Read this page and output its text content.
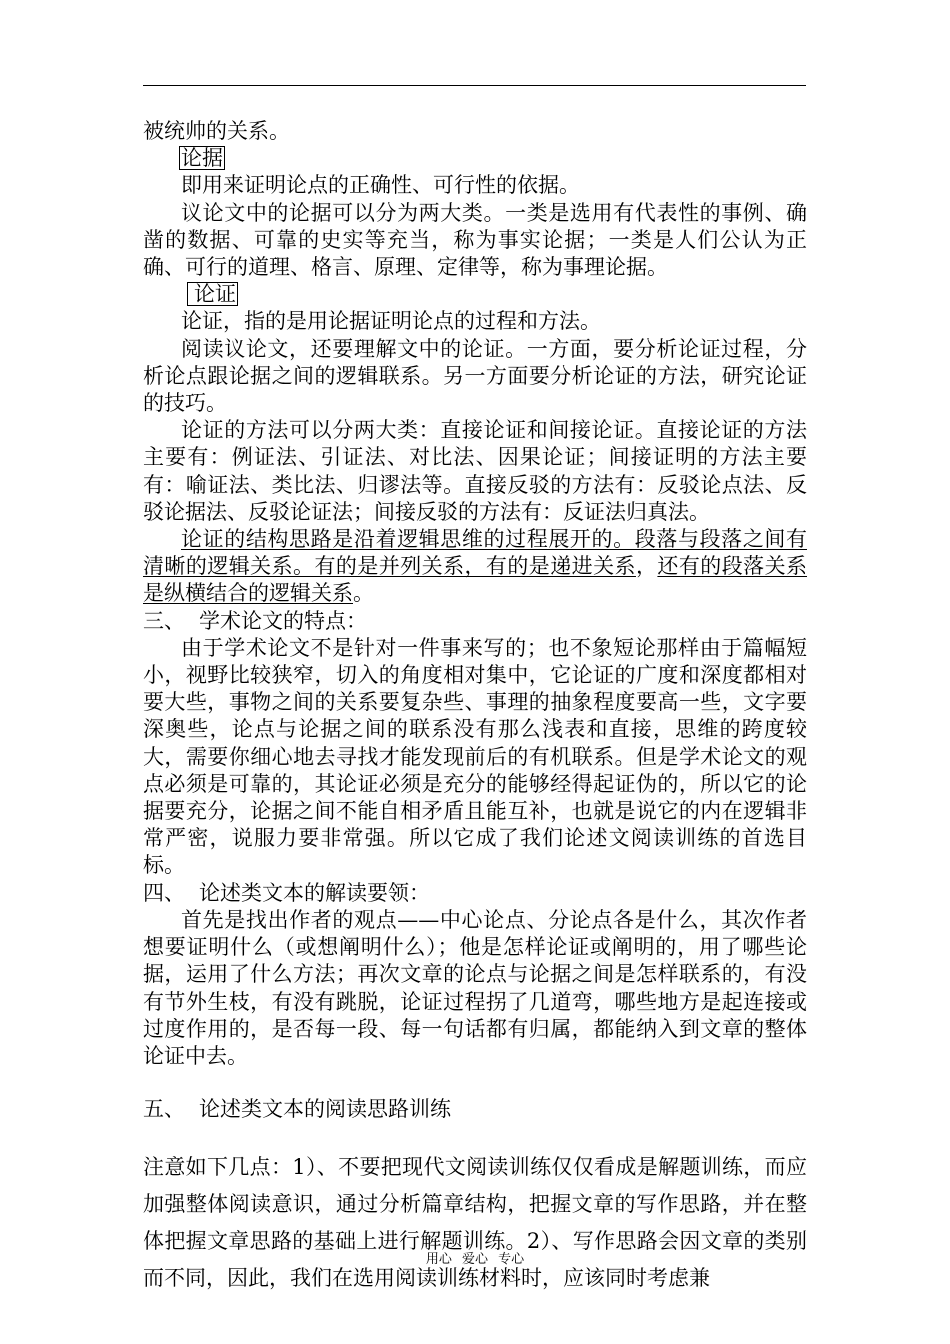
被统帅的关系。

论据

即用来证明论点的正确性、可行性的依据。

议论文中的论据可以分为两大类。一类是选用有代表性的事例、确凿的数据、可靠的史实等充当，称为事实论据；一类是人们公认为正确、可行的道理、格言、原理、定律等，称为事理论据。

论证

论证，指的是用论据证明论点的过程和方法。

阅读议论文，还要理解文中的论证。一方面，要分析论证过程，分析论点跟论据之间的逻辑联系。另一方面要分析论证的方法，研究论证的技巧。

论证的方法可以分两大类：直接论证和间接论证。直接论证的方法主要有：例证法、引证法、对比法、因果论证；间接证明的方法主要有：喻证法、类比法、归谬法等。直接反驳的方法有：反驳论点法、反驳论据法、反驳论证法；间接反驳的方法有：反证法归真法。

论证的结构思路是沿着逻辑思维的过程展开的。段落与段落之间有清晰的逻辑关系。有的是并列关系，有的是递进关系，还有的段落关系是纵横结合的逻辑关系。

三、 学术论文的特点：

由于学术论文不是针对一件事来写的；也不象短论那样由于篇幅短小，视野比较狭窄，切入的角度相对集中，它论证的广度和深度都相对要大些，事物之间的关系要复杂些、事理的抽象程度要高一些，文字要深奥些，论点与论据之间的联系没有那么浅表和直接，思维的跨度较大，需要你细心地去寻找才能发现前后的有机联系。但是学术论文的观点必须是可靠的，其论证必须是充分的能够经得起证伪的，所以它的论据要充分，论据之间不能自相矛盾且能互补，也就是说它的内在逻辑非常严密，说服力要非常强。所以它成了我们论述文阅读训练的首选目标。

四、 论述类文本的解读要领：

首先是找出作者的观点——中心论点、分论点各是什么，其次作者想要证明什么（或想阐明什么）；他是怎样论证或阐明的，用了哪些论据，运用了什么方法；再次文章的论点与论据之间是怎样联系的，有没有节外生枝，有没有跳脱，论证过程拐了几道弯，哪些地方是起连接或过度作用的，是否每一段、每一句话都有归属，都能纳入到文章的整体论证中去。

五、 论述类文本的阅读思路训练

注意如下几点：1）、不要把现代文阅读训练仅仅看成是解题训练，而应加强整体阅读意识，通过分析篇章结构，把握文章的写作思路，并在整体把握文章思路的基础上进行解题训练。2）、写作思路会因文章的类别而不同，因此，我们在选用阅读训练材料时，应该同时考虑兼

用心 爱心 专心
